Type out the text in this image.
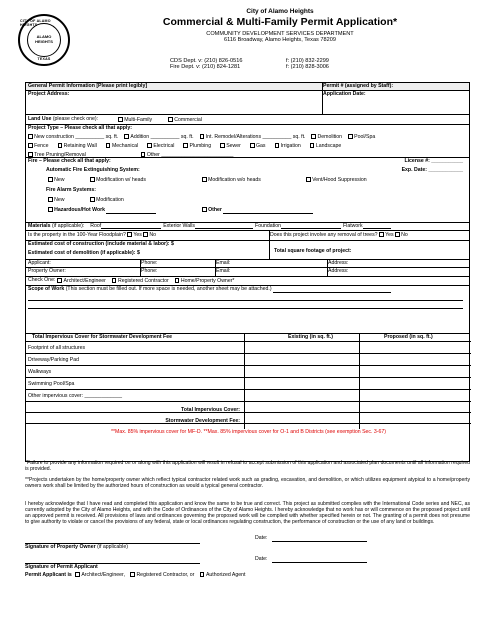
CITY OF ALAMO HEIGHTS
ALAMO HEIGHTS
TEXAS
City of Alamo Heights
Commercial & Multi-Family Permit Application*
COMMUNITY DEVELOPMENT SERVICES DEPARTMENT
6116 Broadway, Alamo Heights, Texas 78209
CDS Dept. v: (210) 826-0516	f: (210) 832-2299
Fire Dept. v: (210) 824-1281	f: (210) 828-3006
General Permit Information [Please print legibly]	Permit # (assigned by Staff):
Project Address:	Application Date:
Land Use
(please check one):	Multi-Family	Commercial
Project Type – Please check all that apply:
New construction __________ sq. ft.	Addition __________ sq. ft.	Int. Remodel/Alterations __________ sq. ft.	Demolition	Pool/Spa
Fence	Retaining Wall	Mechanical	Electrical	Plumbing	Sewer	Gas	Irrigation	Landscape
Tree Pruning/Removal	Other _________________________
Fire – Please check all that apply:	License #: ___________
Automatic Fire Extinguishing System:	Exp. Date: ____________
New	Modification w/ heads	Modification w/o heads	Vent/Hood Suppression
Fire Alarm Systems:
New	Modification
Hazardous/Hot Work	Other
Materials
(if applicable): Roof	Exterior Walls	Foundation	Flatwork
Is the property in the 100-Year Floodplain? Yes No	Does this project involve any removal of trees? Yes No
Estimated cost of construction (include material & labor): $
Estimated cost of demolition (if applicable): $	Total square footage of project:
Applicant:	Phone:	Email:	Address:
Property Owner:	Phone:	Email:	Address:
Check One:	Architect/Engineer	Registered Contractor	Home/Property Owner*
Scope of Work (This section must be filled out. If more space is needed, another sheet may be attached.)
Total Impervious Cover for Stormwater Development Fee	Existing (in sq. ft.)	Proposed (in sq. ft.)
Footprint of all structures
Driveway/Parking Pad
Walkways
Swimming Pool/Spa
Other impervious cover: _____________
Total Impervious Cover:
Stormwater Development Fee:
**Max. 85% impervious cover for MF-D. **Max. 85% impervious cover for O-1 and B Districts (see exemption Sec. 3-67)
*Failure to provide any information required on or along with this application will result in refusal to accept submission of this application and associated plan documents until all information required is provided.
**Projects undertaken by the home/property owner which reflect typical contractor related work such as grading, excavation, and demolition, or which utilizes equipment atypical to a home/property owners work shall be limited by the authorized hours of construction as would a typical general contractor.
I hereby acknowledge that I have read and completed this application and know the same to be true and correct. This project as submitted complies with the International Code series and NEC, as currently adopted by the City of Alamo Heights, and with the Code of Ordinances of the City of Alamo Heights. I hereby acknowledge that no work has or will commence on the proposed project until an approved permit is received. All provisions of laws and ordinances governing the proposed work will be complied with whether specified herein or not. The granting of a permit does not presume to give authority to violate or cancel the provisions of any federal, state or local ordinances regulating construction, the performance of construction or the use of any land or buildings.
Date:
Signature of Property Owner (if applicable)
Date:
Signature of Permit Applicant
Permit Applicant is Architect/Engineer, Registered Contractor, or Authorized Agent
